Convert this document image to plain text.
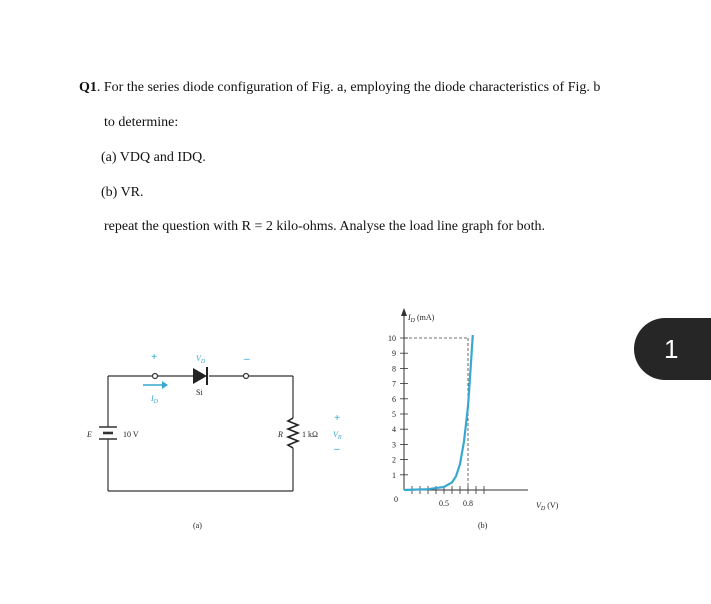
Q1. For the series diode configuration of Fig. a, employing the diode characteristics of Fig. b
to determine:
(a) VDQ and IDQ.
(b) VR.
repeat the question with R = 2 kilo-ohms. Analyse the load line graph for both.
E	10 V
Si
$V_D$
$I_D$
+	–
R 1 kΩ $V_R$
+
–
(a)
1
2
3
4
5
6
7
8
9
10
0.5 0.8
$I_D$ (mA)
$V_D$ (V)
0
(b)
1
